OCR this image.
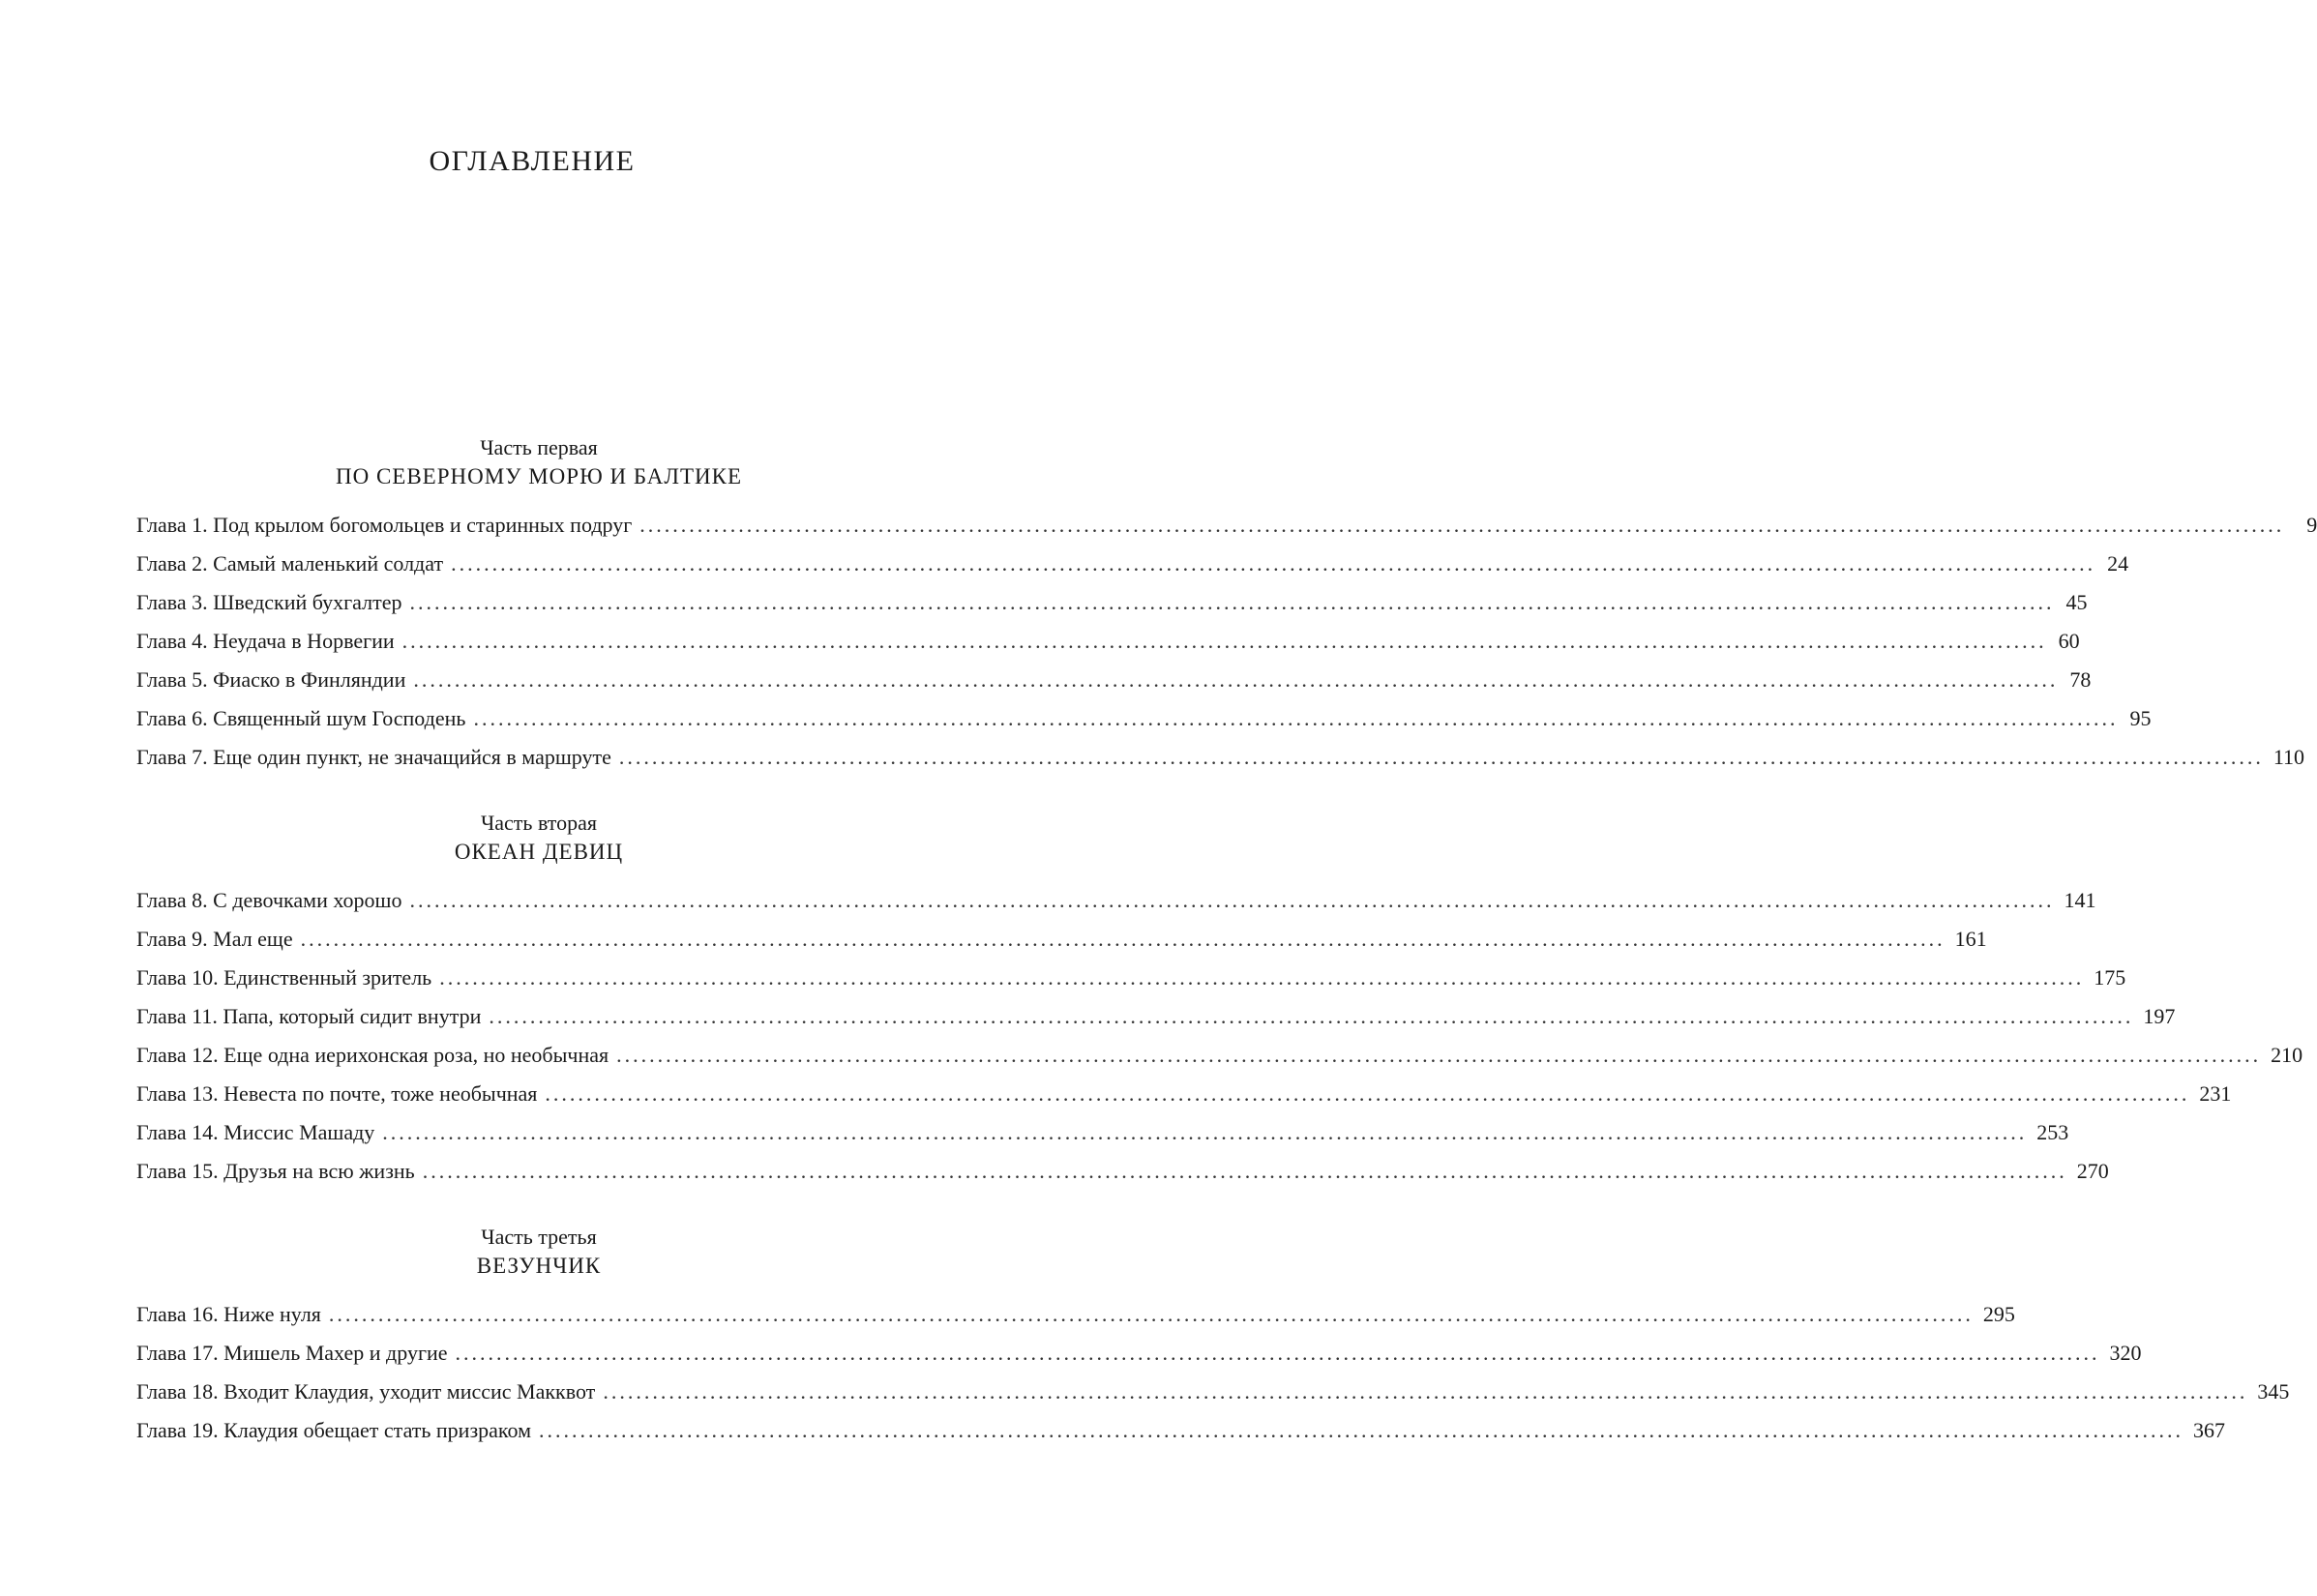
ОГЛАВЛЕНИЕ
Часть первая
ПО СЕВЕРНОМУ МОРЮ И БАЛТИКЕ
Глава 1. Под крылом богомольцев и старинных подруг ........................................................................................................................................................................................................	9
Глава 2. Самый маленький солдат ........................................................................................................................................................................................................ 24
Глава 3. Шведский бухгалтер ........................................................................................................................................................................................................ 45
Глава 4. Неудача в Норвегии ........................................................................................................................................................................................................ 60
Глава 5. Фиаско в Финляндии ........................................................................................................................................................................................................ 78
Глава 6. Священный шум Господень ........................................................................................................................................................................................................ 95
Глава 7. Еще один пункт, не значащийся в маршруте ........................................................................................................................................................................................................ 110
Часть вторая
ОКЕАН ДЕВИЦ
Глава 8. С девочками хорошо ........................................................................................................................................................................................................ 141
Глава 9. Мал еще ........................................................................................................................................................................................................ 161
Глава 10. Единственный зритель ........................................................................................................................................................................................................ 175
Глава 11. Папа, который сидит внутри ........................................................................................................................................................................................................ 197
Глава 12. Еще одна иерихонская роза, но необычная ........................................................................................................................................................................................................ 210
Глава 13. Невеста по почте, тоже необычная ........................................................................................................................................................................................................ 231
Глава 14. Миссис Машаду ........................................................................................................................................................................................................ 253
Глава 15. Друзья на всю жизнь ........................................................................................................................................................................................................ 270
Часть третья
ВЕЗУНЧИК
Глава 16. Ниже нуля ........................................................................................................................................................................................................ 295
Глава 17. Мишель Махер и другие ........................................................................................................................................................................................................ 320
Глава 18. Входит Клаудия, уходит миссис Макквот ........................................................................................................................................................................................................ 345
Глава 19. Клаудия обещает стать призраком ........................................................................................................................................................................................................ 367
